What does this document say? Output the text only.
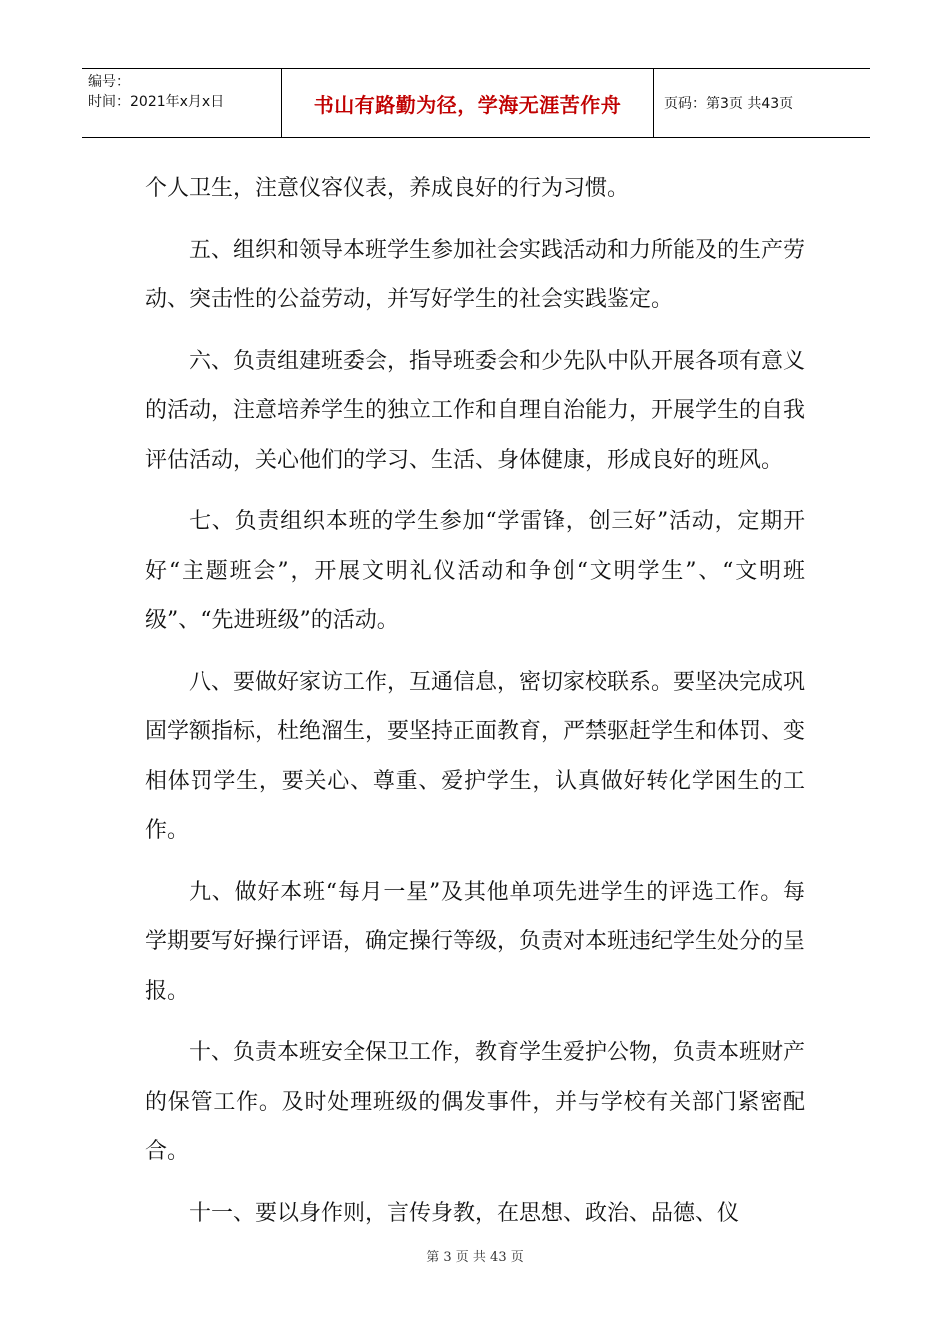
编号：
时间：2021年x月x日	书山有路勤为径，学海无涯苦作舟	页码：第3页 共43页

个人卫生，注意仪容仪表，养成良好的行为习惯。

五、组织和领导本班学生参加社会实践活动和力所能及的生产劳动、突击性的公益劳动，并写好学生的社会实践鉴定。

六、负责组建班委会，指导班委会和少先队中队开展各项有意义的活动，注意培养学生的独立工作和自理自治能力，开展学生的自我评估活动，关心他们的学习、生活、身体健康，形成良好的班风。

七、负责组织本班的学生参加“学雷锋，创三好”活动，定期开好“主题班会”，开展文明礼仪活动和争创“文明学生”、“文明班级”、“先进班级”的活动。

八、要做好家访工作，互通信息，密切家校联系。要坚决完成巩固学额指标，杜绝溜生，要坚持正面教育，严禁驱赶学生和体罚、变相体罚学生，要关心、尊重、爱护学生，认真做好转化学困生的工作。

九、做好本班“每月一星”及其他单项先进学生的评选工作。每学期要写好操行评语，确定操行等级，负责对本班违纪学生处分的呈报。

十、负责本班安全保卫工作，教育学生爱护公物，负责本班财产的保管工作。及时处理班级的偶发事件，并与学校有关部门紧密配合。

十一、要以身作则，言传身教，在思想、政治、品德、仪

第 3 页 共 43 页
